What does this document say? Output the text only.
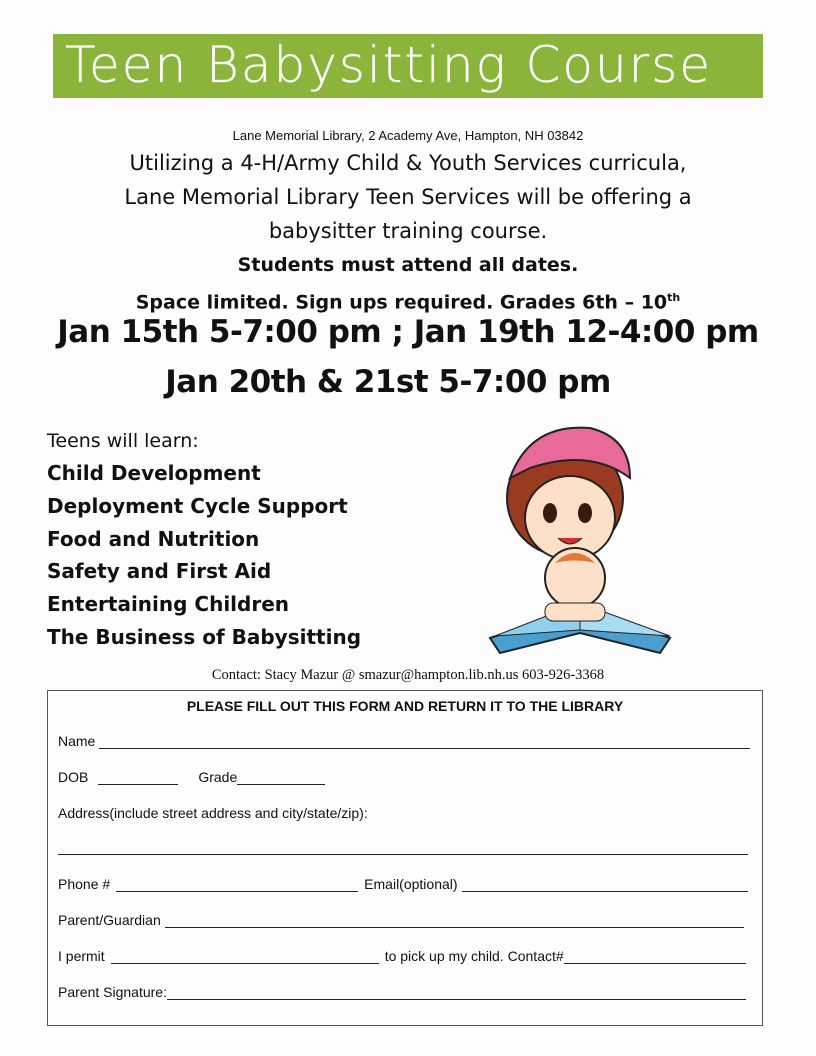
Teen Babysitting Course
Lane Memorial Library, 2 Academy Ave, Hampton, NH 03842
Utilizing a 4-H/Army Child & Youth Services curricula,
Lane Memorial Library Teen Services will be offering a
babysitter training course.
Students must attend all dates.
Space limited. Sign ups required. Grades 6th – 10th
Jan 15th 5-7:00 pm ; Jan 19th 12-4:00 pm
Jan 20th & 21st 5-7:00 pm
Teens will learn:
Child Development
Deployment Cycle Support
Food and Nutrition
Safety and First Aid
Entertaining Children
The Business of Babysitting
Contact: Stacy Mazur @ smazur@hampton.lib.nh.us 603-926-3368
PLEASE FILL OUT THIS FORM AND RETURN IT TO THE LIBRARY
Name
DOB	Grade
Address(include street address and city/state/zip):
Phone #	Email(optional)
Parent/Guardian
I permit	to pick up my child. Contact#
Parent Signature:
